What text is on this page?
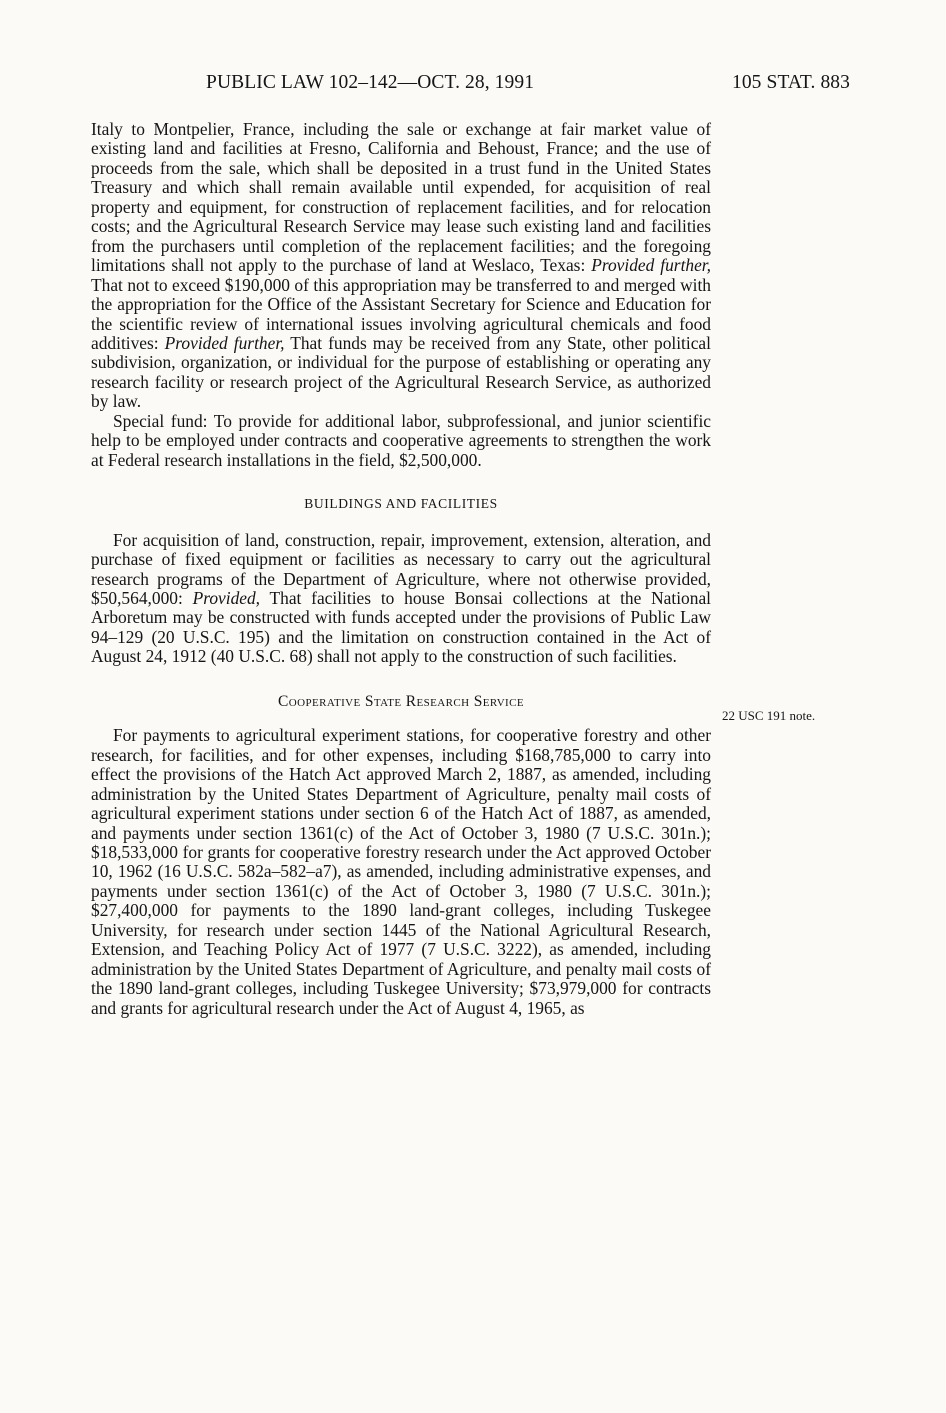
PUBLIC LAW 102–142—OCT. 28, 1991	105 STAT. 883

Italy to Montpelier, France, including the sale or exchange at fair market value of existing land and facilities at Fresno, California and Behoust, France; and the use of proceeds from the sale, which shall be deposited in a trust fund in the United States Treasury and which shall remain available until expended, for acquisition of real property and equipment, for construction of replacement facilities, and for relocation costs; and the Agricultural Research Service may lease such existing land and facilities from the purchasers until completion of the replacement facilities; and the foregoing limitations shall not apply to the purchase of land at Weslaco, Texas: Provided further, That not to exceed $190,000 of this appropriation may be transferred to and merged with the appropriation for the Office of the Assistant Secretary for Science and Education for the scientific review of international issues involving agricultural chemicals and food additives: Provided further, That funds may be received from any State, other political subdivision, organization, or individual for the purpose of establishing or operating any research facility or research project of the Agricultural Research Service, as authorized by law.

Special fund: To provide for additional labor, subprofessional, and junior scientific help to be employed under contracts and cooperative agreements to strengthen the work at Federal research installations in the field, $2,500,000.

BUILDINGS AND FACILITIES

For acquisition of land, construction, repair, improvement, extension, alteration, and purchase of fixed equipment or facilities as necessary to carry out the agricultural research programs of the Department of Agriculture, where not otherwise provided, $50,564,000: Provided, That facilities to house Bonsai collections at the National Arboretum may be constructed with funds accepted under the provisions of Public Law 94–129 (20 U.S.C. 195) and the limitation on construction contained in the Act of August 24, 1912 (40 U.S.C. 68) shall not apply to the construction of such facilities.

Cooperative State Research Service

For payments to agricultural experiment stations, for cooperative forestry and other research, for facilities, and for other expenses, including $168,785,000 to carry into effect the provisions of the Hatch Act approved March 2, 1887, as amended, including administration by the United States Department of Agriculture, penalty mail costs of agricultural experiment stations under section 6 of the Hatch Act of 1887, as amended, and payments under section 1361(c) of the Act of October 3, 1980 (7 U.S.C. 301n.); $18,533,000 for grants for cooperative forestry research under the Act approved October 10, 1962 (16 U.S.C. 582a–582–a7), as amended, including administrative expenses, and payments under section 1361(c) of the Act of October 3, 1980 (7 U.S.C. 301n.); $27,400,000 for payments to the 1890 land-grant colleges, including Tuskegee University, for research under section 1445 of the National Agricultural Research, Extension, and Teaching Policy Act of 1977 (7 U.S.C. 3222), as amended, including administration by the United States Department of Agriculture, and penalty mail costs of the 1890 land-grant colleges, including Tuskegee University; $73,979,000 for contracts and grants for agricultural research under the Act of August 4, 1965, as

22 USC 191 note.
